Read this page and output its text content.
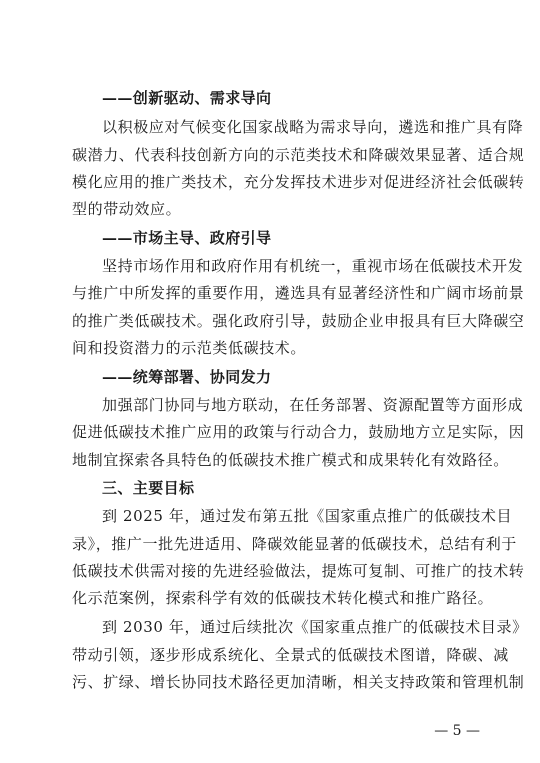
——创新驱动、需求导向
以积极应对气候变化国家战略为需求导向，遴选和推广具有降
碳潜力、代表科技创新方向的示范类技术和降碳效果显著、适合规
模化应用的推广类技术，充分发挥技术进步对促进经济社会低碳转
型的带动效应。
——市场主导、政府引导
坚持市场作用和政府作用有机统一，重视市场在低碳技术开发
与推广中所发挥的重要作用，遴选具有显著经济性和广阔市场前景
的推广类低碳技术。强化政府引导，鼓励企业申报具有巨大降碳空
间和投资潜力的示范类低碳技术。
——统筹部署、协同发力
加强部门协同与地方联动，在任务部署、资源配置等方面形成
促进低碳技术推广应用的政策与行动合力，鼓励地方立足实际，因
地制宜探索各具特色的低碳技术推广模式和成果转化有效路径。
三、主要目标
到 2025 年，通过发布第五批《国家重点推广的低碳技术目
录》，推广一批先进适用、降碳效能显著的低碳技术，总结有利于
低碳技术供需对接的先进经验做法，提炼可复制、可推广的技术转
化示范案例，探索科学有效的低碳技术转化模式和推广路径。
到 2030 年，通过后续批次《国家重点推广的低碳技术目录》
带动引领，逐步形成系统化、全景式的低碳技术图谱，降碳、减
污、扩绿、增长协同技术路径更加清晰，相关支持政策和管理机制
— 5 —
